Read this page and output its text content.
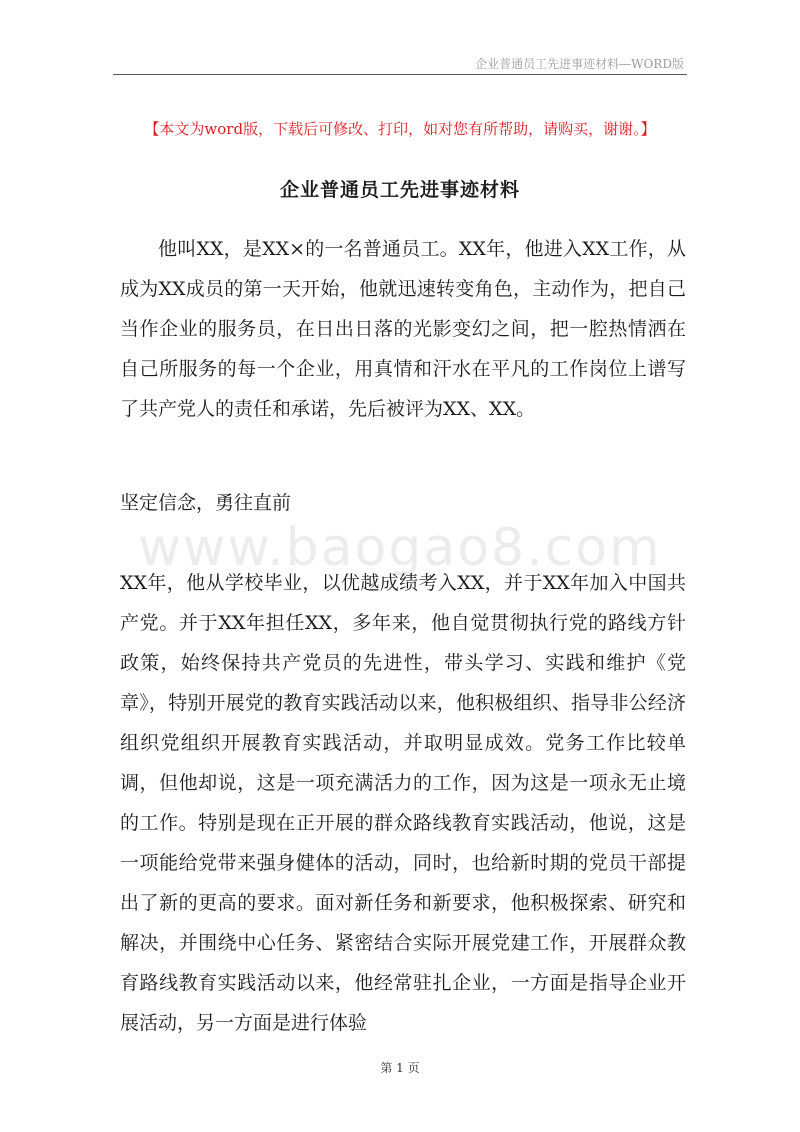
企业普通员工先进事迹材料—WORD版
【本文为word版，下载后可修改、打印，如对您有所帮助，请购买，谢谢。】
企业普通员工先进事迹材料

他叫XX，是XX×的一名普通员工。XX年，他进入XX工作，从成为XX成员的第一天开始，他就迅速转变角色，主动作为，把自己当作企业的服务员，在日出日落的光影变幻之间，把一腔热情洒在自己所服务的每一个企业，用真情和汗水在平凡的工作岗位上谱写了共产党人的责任和承诺，先后被评为XX、XX。

坚定信念，勇往直前
www.baogao8.com

XX年，他从学校毕业，以优越成绩考入XX，并于XX年加入中国共产党。并于XX年担任XX，多年来，他自觉贯彻执行党的路线方针政策，始终保持共产党员的先进性，带头学习、实践和维护《党章》，特别开展党的教育实践活动以来，他积极组织、指导非公经济组织党组织开展教育实践活动，并取明显成效。党务工作比较单调，但他却说，这是一项充满活力的工作，因为这是一项永无止境的工作。特别是现在正开展的群众路线教育实践活动，他说，这是一项能给党带来强身健体的活动，同时，也给新时期的党员干部提出了新的更高的要求。面对新任务和新要求，他积极探索、研究和解决，并围绕中心任务、紧密结合实际开展党建工作，开展群众教育路线教育实践活动以来，他经常驻扎企业，一方面是指导企业开展活动，另一方面是进行体验

第 1 页
